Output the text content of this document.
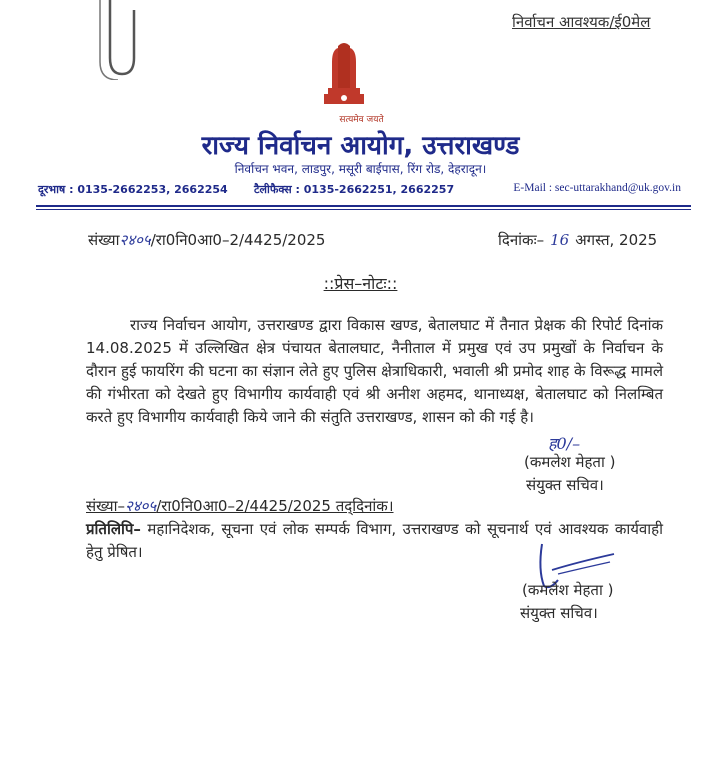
निर्वाचन आवश्यक/ई0मेल
सत्यमेव जयते
राज्य निर्वाचन आयोग, उत्तराखण्ड
निर्वाचन भवन, लाडपुर, मसूरी बाईपास, रिंग रोड, देहरादून।
दूरभाष : 0135-2662253, 2662254 टैलीफैक्स : 0135-2662251, 2662257	E-Mail : sec-uttarakhand@uk.gov.in
संख्या२४०५/रा0नि0आ0–2/4425/2025	दिनांकः– 16 अगस्त, 2025
::प्रेस–नोटः::
राज्य निर्वाचन आयोग, उत्तराखण्ड द्वारा विकास खण्ड, बेतालघाट में तैनात प्रेक्षक की रिपोर्ट दिनांक 14.08.2025 में उल्लिखित क्षेत्र पंचायत बेतालघाट, नैनीताल में प्रमुख एवं उप प्रमुखों के निर्वाचन के दौरान हुई फायरिंग की घटना का संज्ञान लेते हुए पुलिस क्षेत्राधिकारी, भवाली श्री प्रमोद शाह के विरूद्ध मामले की गंभीरता को देखते हुए विभागीय कार्यवाही एवं श्री अनीश अहमद, थानाध्यक्ष, बेतालघाट को निलम्बित करते हुए विभागीय कार्यवाही किये जाने की संतुति उत्तराखण्ड, शासन को की गई है।
ह0/–
(कमलेश मेहता )
संयुक्त सचिव।
संख्या–२४०५/रा0नि0आ0–2/4425/2025 तद्‌दिनांक।
प्रतिलिपि– महानिदेशक, सूचना एवं लोक सम्पर्क विभाग, उत्तराखण्ड को सूचनार्थ एवं आवश्यक कार्यवाही हेतु प्रेषित।
(कमलेश मेहता )
संयुक्त सचिव।
